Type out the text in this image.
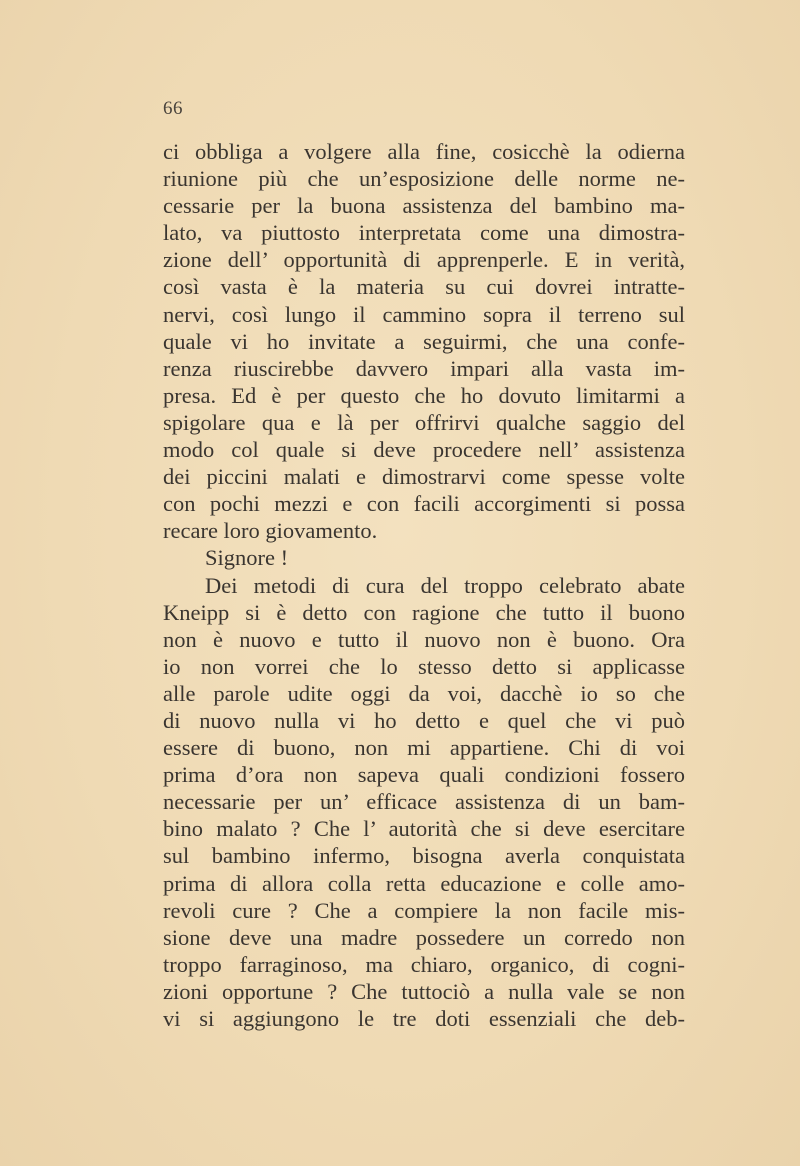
66
ci obbliga a volgere alla fine, cosicchè la odierna
riunione più che un’esposizione delle norme ne-
cessarie per la buona assistenza del bambino ma-
lato, va piuttosto interpretata come una dimostra-
zione dell’ opportunità di apprenperle. E in verità,
così vasta è la materia su cui dovrei intratte-
nervi, così lungo il cammino sopra il terreno sul
quale vi ho invitate a seguirmi, che una confe-
renza riuscirebbe davvero impari alla vasta im-
presa. Ed è per questo che ho dovuto limitarmi a
spigolare qua e là per offrirvi qualche saggio del
modo col quale si deve procedere nell’ assistenza
dei piccini malati e dimostrarvi come spesse volte
con pochi mezzi e con facili accorgimenti si possa
recare loro giovamento.
Signore !
Dei metodi di cura del troppo celebrato abate
Kneipp si è detto con ragione che tutto il buono
non è nuovo e tutto il nuovo non è buono. Ora
io non vorrei che lo stesso detto si applicasse
alle parole udite oggi da voi, dacchè io so che
di nuovo nulla vi ho detto e quel che vi può
essere di buono, non mi appartiene. Chi di voi
prima d’ora non sapeva quali condizioni fossero
necessarie per un’ efficace assistenza di un bam-
bino malato ? Che l’ autorità che si deve esercitare
sul bambino infermo, bisogna averla conquistata
prima di allora colla retta educazione e colle amo-
revoli cure ? Che a compiere la non facile mis-
sione deve una madre possedere un corredo non
troppo farraginoso, ma chiaro, organico, di cogni-
zioni opportune ? Che tuttociò a nulla vale se non
vi si aggiungono le tre doti essenziali che deb-
